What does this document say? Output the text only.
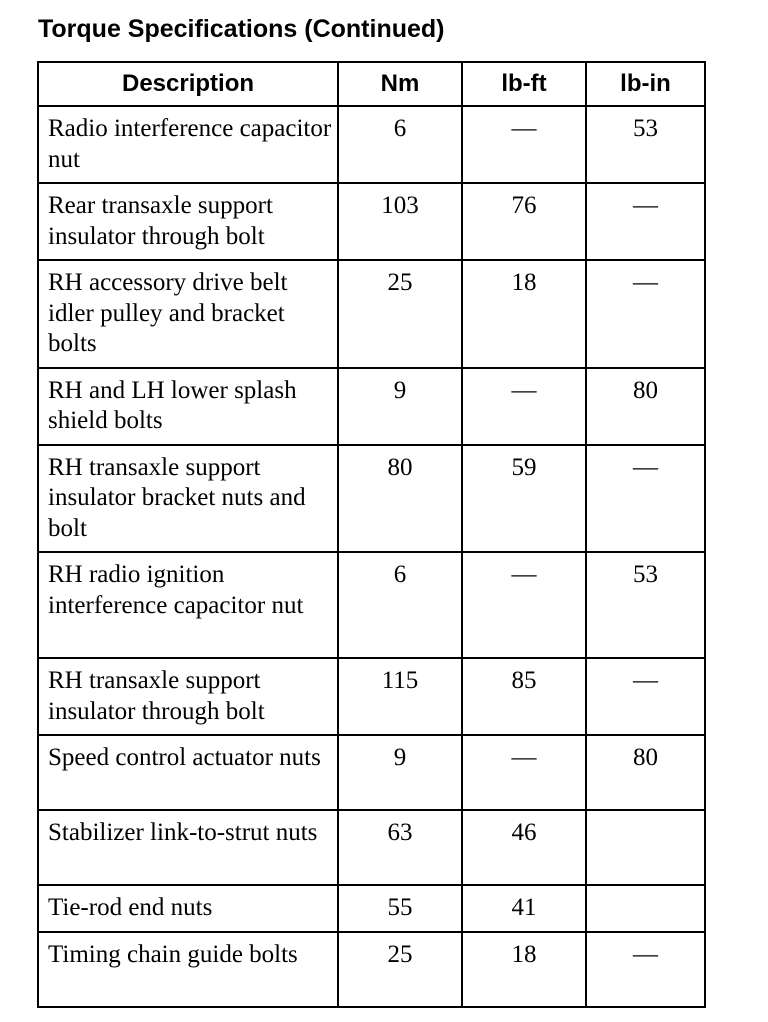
Torque Specifications (Continued)
Description	Nm	lb-ft	lb-in
Radio interference capacitor nut	6	—	53
Rear transaxle support insulator through bolt	103	76	—
RH accessory drive belt idler pulley and bracket bolts	25	18	—
RH and LH lower splash shield bolts	9	—	80
RH transaxle support insulator bracket nuts and bolt	80	59	—
RH radio ignition interference capacitor nut	6	—	53
RH transaxle support insulator through bolt	115	85	—
Speed control actuator nuts	9	—	80
Stabilizer link-to-strut nuts	63	46	
Tie-rod end nuts	55	41	
Timing chain guide bolts	25	18	—
